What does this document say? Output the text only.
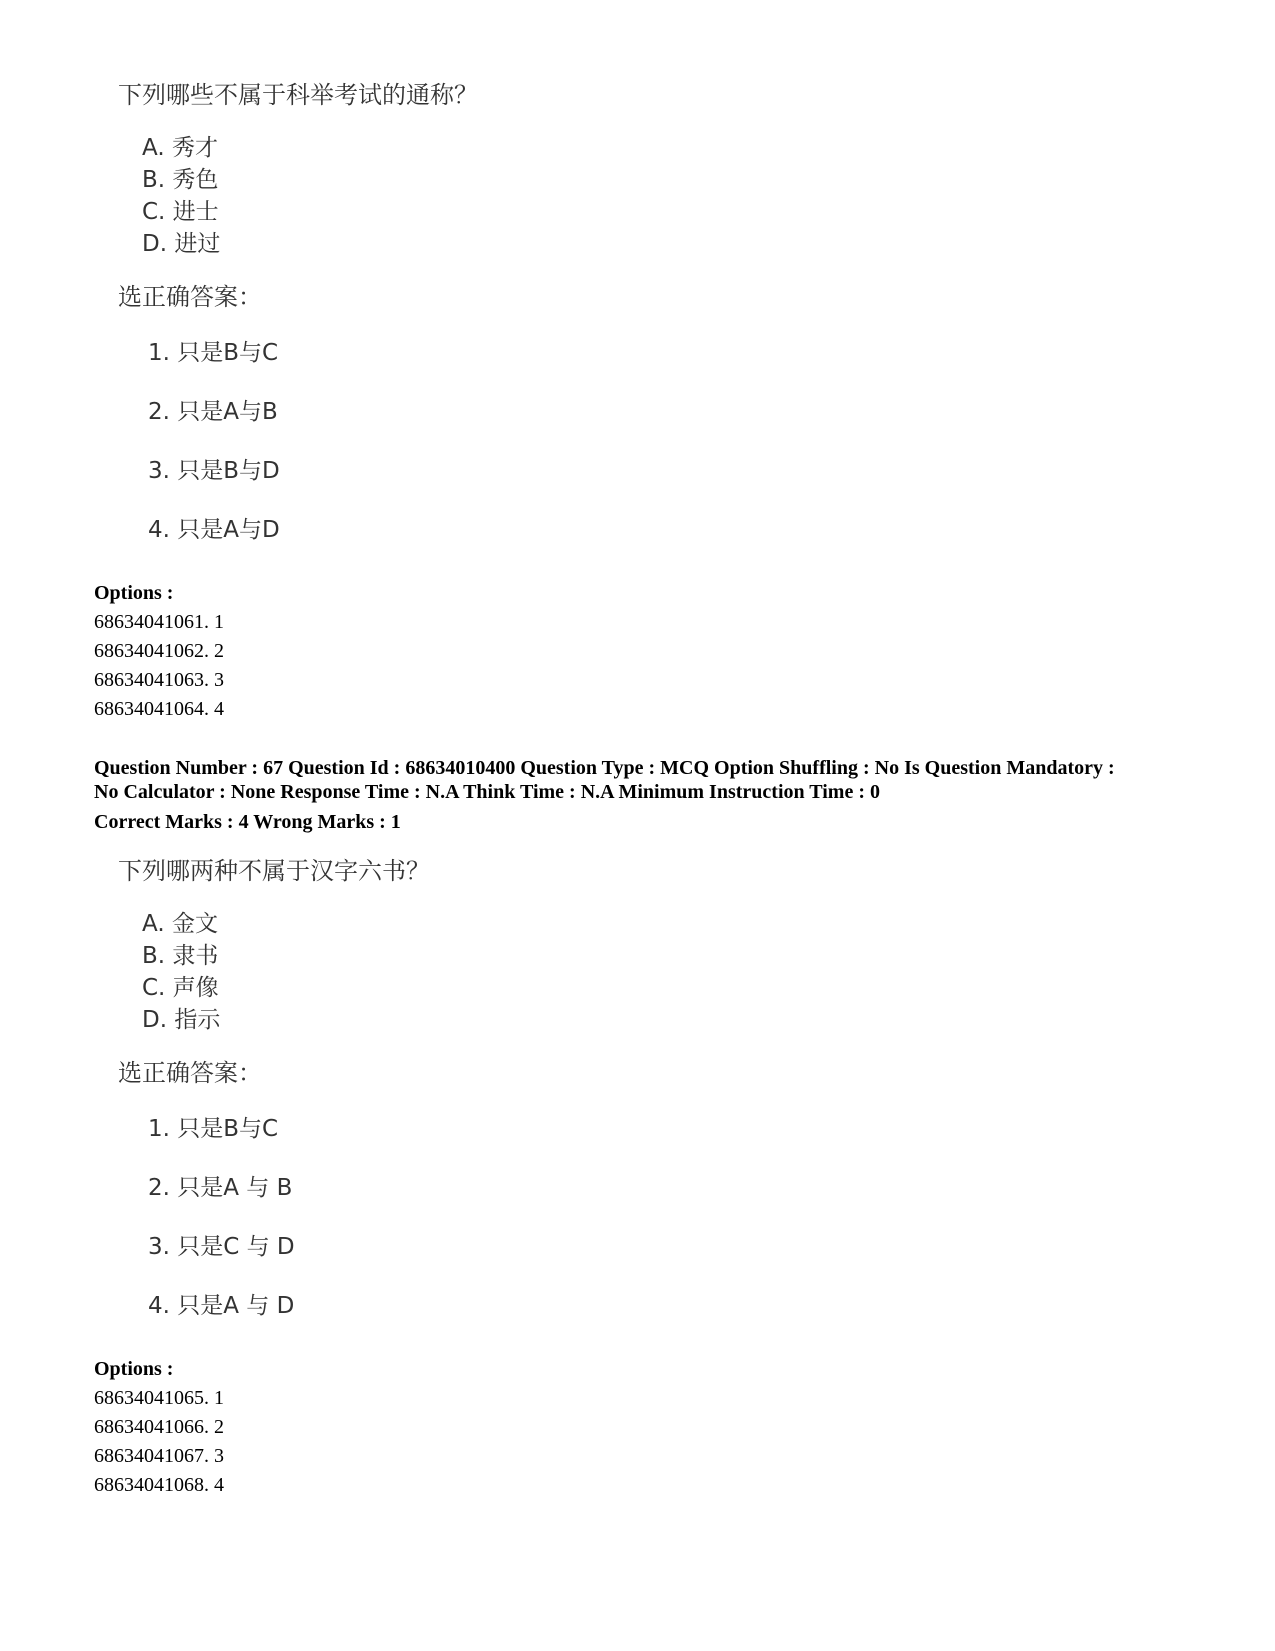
下列哪些不属于科举考试的通称？

A. 秀才
B. 秀色
C. 进士
D. 进过

选正确答案：

1. 只是B与C
2. 只是A与B
3. 只是B与D
4. 只是A与D

Options :

68634041061. 1

68634041062. 2

68634041063. 3

68634041064. 4

Question Number : 67 Question Id : 68634010400 Question Type : MCQ Option Shuffling : No Is Question Mandatory :

No Calculator : None Response Time : N.A Think Time : N.A Minimum Instruction Time : 0

Correct Marks : 4 Wrong Marks : 1

下列哪两种不属于汉字六书？

A. 金文
B. 隶书
C. 声像
D. 指示

选正确答案：

1. 只是B与C
2. 只是A 与 B
3. 只是C 与 D
4. 只是A 与 D

Options :

68634041065. 1

68634041066. 2

68634041067. 3

68634041068. 4
